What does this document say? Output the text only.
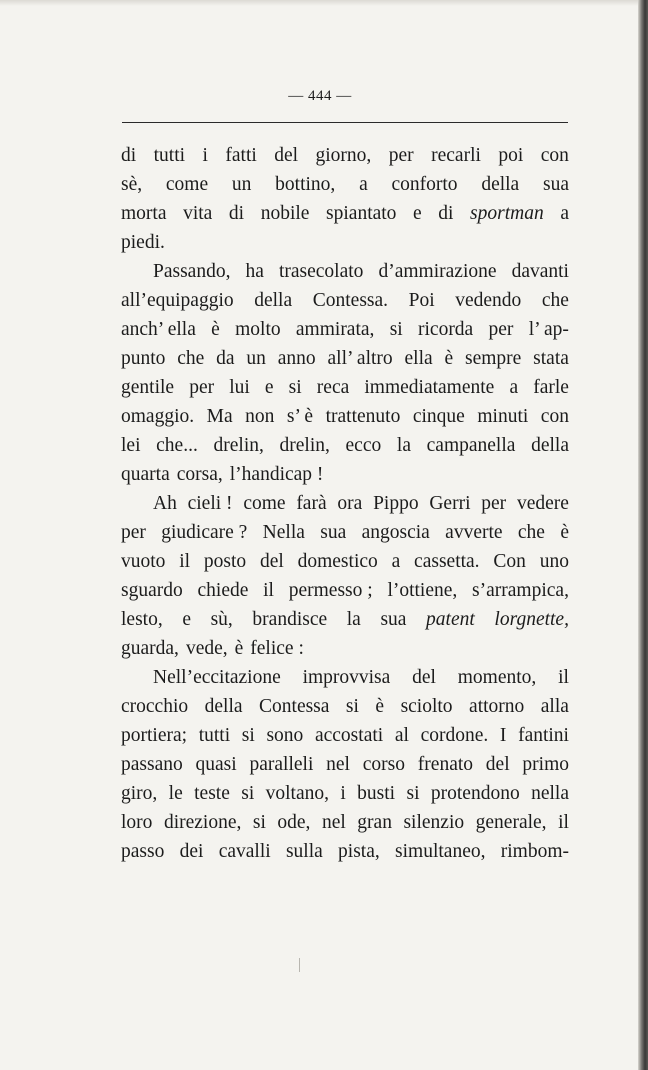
— 444 —
di tutti i fatti del giorno, per recarli poi con
sè, come un bottino, a conforto della sua
morta vita di nobile spiantato e di sportman a
piedi.
Passando, ha trasecolato d’ammirazione davanti
all’equipaggio della Contessa. Poi vedendo che
anch’ ella è molto ammirata, si ricorda per l’ ap-
punto che da un anno all’ altro ella è sempre stata
gentile per lui e si reca immediatamente a farle
omaggio. Ma non s’ è trattenuto cinque minuti con
lei che... drelin, drelin, ecco la campanella della
quarta corsa, l’handicap !
Ah cieli ! come farà ora Pippo Gerri per vedere
per giudicare ? Nella sua angoscia avverte che è
vuoto il posto del domestico a cassetta. Con uno
sguardo chiede il permesso ; l’ottiene, s’arrampica,
lesto, e sù, brandisce la sua patent lorgnette,
guarda, vede, è felice :
Nell’eccitazione improvvisa del momento, il
crocchio della Contessa si è sciolto attorno alla
portiera; tutti si sono accostati al cordone. I fantini
passano quasi paralleli nel corso frenato del primo
giro, le teste si voltano, i busti si protendono nella
loro direzione, si ode, nel gran silenzio generale, il
passo dei cavalli sulla pista, simultaneo, rimbom-
